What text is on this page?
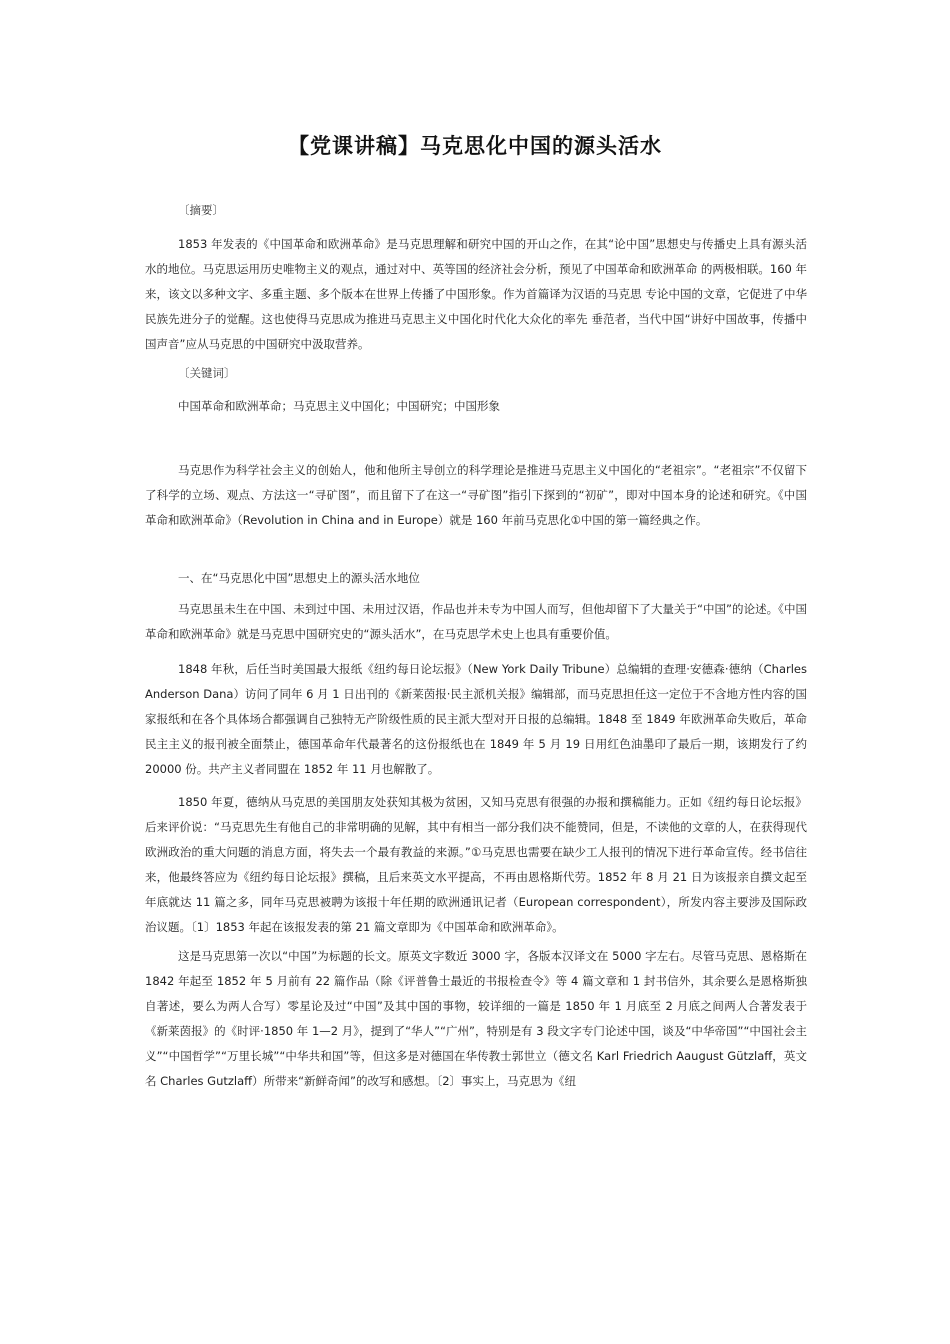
【党课讲稿】马克思化中国的源头活水
〔摘要〕

1853 年发表的《中国革命和欧洲革命》是马克思理解和研究中国的开山之作，在其“论中国”思想史与传播史上具有源头活水的地位。马克思运用历史唯物主义的观点，通过对中、英等国的经济社会分析，预见了中国革命和欧洲革命 的两极相联。160 年来，该文以多种文字、多重主题、多个版本在世界上传播了中国形象。作为首篇译为汉语的马克思 专论中国的文章，它促进了中华民族先进分子的觉醒。这也使得马克思成为推进马克思主义中国化时代化大众化的率先 垂范者，当代中国“讲好中国故事，传播中国声音”应从马克思的中国研究中汲取营养。

〔关键词〕
中国革命和欧洲革命；马克思主义中国化；中国研究；中国形象

马克思作为科学社会主义的创始人，他和他所主导创立的科学理论是推进马克思主义中国化的“老祖宗”。“老祖宗”不仅留下了科学的立场、观点、方法这一“寻矿图”，而且留下了在这一“寻矿图”指引下探到的“初矿”，即对中国本身的论述和研究。《中国革命和欧洲革命》（Revolution in China and in Europe）就是 160 年前马克思化①中国的第一篇经典之作。

一、在“马克思化中国”思想史上的源头活水地位

马克思虽未生在中国、未到过中国、未用过汉语，作品也并未专为中国人而写，但他却留下了大量关于“中国”的论述。《中国革命和欧洲革命》就是马克思中国研究史的“源头活水”，在马克思学术史上也具有重要价值。

1848 年秋，后任当时美国最大报纸《纽约每日论坛报》（New York Daily Tribune）总编辑的查理·安德森·德纳（Charles Anderson Dana）访问了同年 6 月 1 日出刊的《新莱茵报·民主派机关报》编辑部，而马克思担任这一定位于不含地方性内容的国家报纸和在各个具体场合都强调自己独特无产阶级性质的民主派大型对开日报的总编辑。1848 至 1849 年欧洲革命失败后，革命民主主义的报刊被全面禁止，德国革命年代最著名的这份报纸也在 1849 年 5 月 19 日用红色油墨印了最后一期，该期发行了约 20000 份。共产主义者同盟在 1852 年 11 月也解散了。

1850 年夏，德纳从马克思的美国朋友处获知其极为贫困，又知马克思有很强的办报和撰稿能力。正如《纽约每日论坛报》后来评价说：“马克思先生有他自己的非常明确的见解，其中有相当一部分我们决不能赞同，但是，不读他的文章的人，在获得现代欧洲政治的重大问题的消息方面，将失去一个最有教益的来源。”①马克思也需要在缺少工人报刊的情况下进行革命宣传。经书信往来，他最终答应为《纽约每日论坛报》撰稿，且后来英文水平提高，不再由恩格斯代劳。1852 年 8 月 21 日为该报亲自撰文起至年底就达 11 篇之多，同年马克思被聘为该报十年任期的欧洲通讯记者（European correspondent），所发内容主要涉及国际政治议题。〔1〕1853 年起在该报发表的第 21 篇文章即为《中国革命和欧洲革命》。

这是马克思第一次以“中国”为标题的长文。原英文字数近 3000 字，各版本汉译文在 5000 字左右。尽管马克思、恩格斯在 1842 年起至 1852 年 5 月前有 22 篇作品（除《评普鲁士最近的书报检查令》等 4 篇文章和 1 封书信外，其余要么是恩格斯独自著述，要么为两人合写）零星论及过“中国”及其中国的事物，较详细的一篇是 1850 年 1 月底至 2 月底之间两人合著发表于《新莱茵报》的《时评·1850 年 1—2 月》，提到了“华人”“广州”，特别是有 3 段文字专门论述中国，谈及“中华帝国”“中国社会主义”“中国哲学”“万里长城”“中华共和国”等，但这多是对德国在华传教士郭世立（德文名 Karl Friedrich Aaugust Gützlaff，英文名 Charles Gutzlaff）所带来“新鲜奇闻”的改写和感想。〔2〕事实上，马克思为《纽
